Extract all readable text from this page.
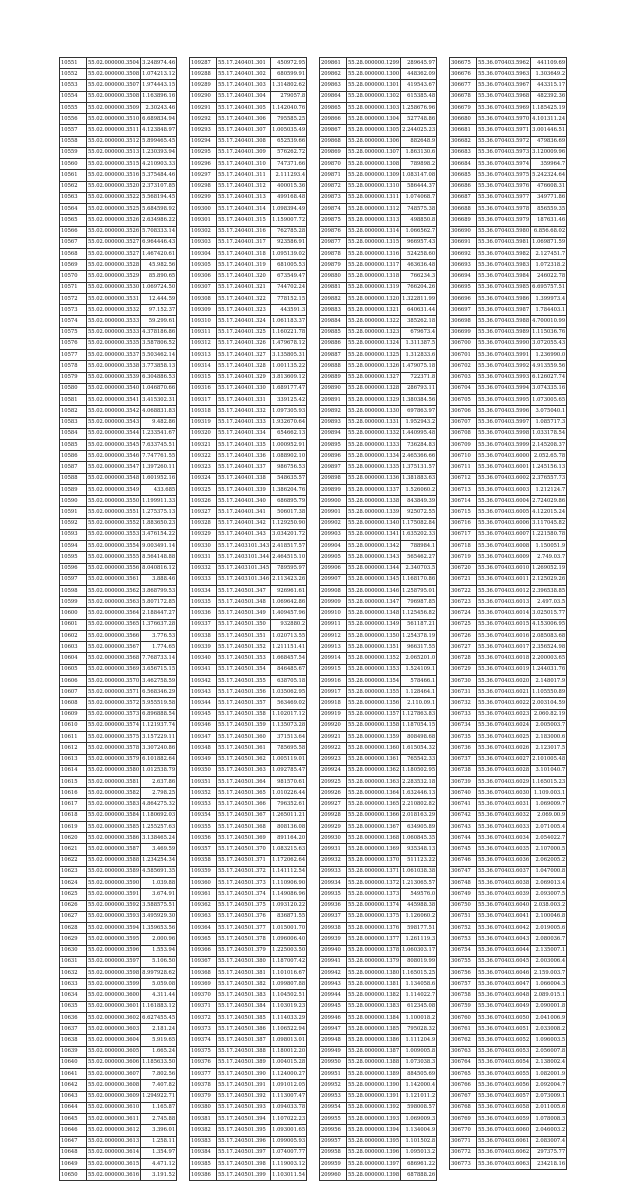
10551	55.02.000000.3504	3.248974.46
10552	55.02.000000.3508	1.074213.12
10553	55.02.000000.3507	1.974443.15
10554	55.02.000000.3508	1.163896.16
10555	55.02.000000.3509	2.30243.46
10556	55.02.000000.3510	6.689834.94
10557	55.02.000000.3511	4.123848.97
10558	55.02.000000.3512	5.899465.45
10559	55.02.000000.3513	1.230393.94
10560	55.02.000000.3515	4.210903.33
10561	55.02.000000.3516	5.375484.46
10562	55.02.000000.3520	2.373107.85
10563	55.02.000000.3522	5.568194.45
10564	55.02.000000.3525	5.684598.92
10565	55.02.000000.3526	2.634986.22
10566	55.02.000000.3526	5.708333.14
10567	55.02.000000.3527	6.964446.43
10568	55.02.000000.3527	1.467420.61
10569	55.02.000000.3528	45.982.56
10570	55.02.000000.3529	85.890.65
10571	55.02.000000.3530	1.069724.50
10572	55.02.000000.3531	12.444.59
10573	55.02.000000.3532	97.152.37
10574	55.02.000000.3533	59.299.61
10575	55.02.000000.3533	4.378186.86
10576	55.02.000000.3535	3.587806.52
10577	55.02.000000.3537	5.503462.14
10578	55.02.000000.3538	3.773858.13
10579	55.02.000000.3539	6.304886.53
10580	55.02.000000.3540	1.046870.66
10581	55.02.000000.3541	3.415302.31
10582	55.02.000000.3542	4.068831.83
10583	55.02.000000.3543	9.482.86
10584	55.02.000000.3544	1.233541.67
10585	55.02.000000.3545	7.633745.51
10586	55.02.000000.3546	7.747761.55
10587	55.02.000000.3547	1.397260.11
10588	55.02.000000.3548	1.601952.16
10589	55.02.000000.3549	433.685
10590	55.02.000000.3550	1.199911.33
10591	55.02.000000.3551	1.275375.13
10592	55.02.000000.3552	1.883650.23
10593	55.02.000000.3553	3.476154.22
10594	55.02.000000.3554	9.003491.14
10595	55.02.000000.3555	8.564148.88
10596	55.02.000000.3556	8.040816.12
10597	55.02.000000.3561	3.888.46
10598	55.02.000000.3562	3.868799.53
10599	55.02.000000.3563	5.807172.85
10600	55.02.000000.3564	2.188447.27
10601	55.02.000000.3565	1.376637.28
10602	55.02.000000.3566	3.776.53
10603	55.02.000000.3567	1.774.65
10604	55.02.000000.3568	7.768733.14
10605	55.02.000000.3569	3.656715.15
10606	55.02.000000.3570	3.462758.59
10607	55.02.000000.3571	6.568346.29
10608	55.02.000000.3572	5.955519.58
10609	55.02.000000.3573	6.896888.54
10610	55.02.000000.3574	1.121937.74
10611	55.02.000000.3575	3.157229.11
10612	55.02.000000.3578	3.307240.86
10613	55.02.000000.3579	6.101882.64
10614	55.02.000000.3580	1.012538.79
10615	55.02.000000.3581	2.637.86
10616	55.02.000000.3582	2.798.25
10617	55.02.000000.3583	4.864275.32
10618	55.02.000000.3584	1.180692.03
10619	55.02.000000.3585	1.255257.63
10620	55.02.000000.3586	3.138465.24
10621	55.02.000000.3587	3.469.59
10622	55.02.000000.3588	1.234254.34
10623	55.02.000000.3589	4.585691.35
10624	55.02.000000.3590	1.039.88
10625	55.02.000000.3591	3.674.91
10626	55.02.000000.3592	3.588575.51
10627	55.02.000000.3593	3.495929.30
10628	55.02.000000.3594	1.359653.56
10629	55.02.000000.3595	2.000.96
10630	55.02.000000.3596	1.553.94
10631	55.02.000000.3597	5.106.50
10632	55.02.000000.3598	8.997928.62
10633	55.02.000000.3599	5.059.08
10634	55.02.000000.3600	4.311.44
10635	55.02.000000.3601	1.161883.12
10636	55.02.000000.3602	6.627455.45
10637	55.02.000000.3603	2.181.24
10638	55.02.000000.3604	5.919.65
10639	55.02.000000.3605	1.665.24
10640	55.02.000000.3606	1.185633.50
10641	55.02.000000.3607	7.802.56
10642	55.02.000000.3608	7.407.82
10643	55.02.000000.3609	1.294922.71
10644	55.02.000000.3610	1.165.87
10645	55.02.000000.3611	2.745.88
10646	55.02.000000.3612	3.396.01
10647	55.02.000000.3613	1.258.11
10648	55.02.000000.3614	1.354.97
10649	55.02.000000.3615	4.471.12
10650	55.02.000000.3616	3.191.52
109287	55.17.240401.301	450972.95
109288	55.17.240401.302	680599.91
109289	55.17.240401.303	1.314802.62
109290	55.17.240401.304	279057.8
109291	55.17.240401.305	1.142040.76
109292	55.17.240401.306	795585.25
109293	55.17.240401.307	1.005035.49
109294	55.17.240401.308	652539.66
109295	55.17.240401.309	576262.72
109296	55.17.240401.310	747371.66
109297	55.17.240401.311	2.111293.4
109298	55.17.240401.312	400015.36
109299	55.17.240401.313	499168.48
109300	55.17.240401.314	1.098394.49
109301	55.17.240401.315	1.159007.72
109302	55.17.240401.316	762785.28
109303	55.17.240401.317	923586.91
109304	55.17.240401.318	1.095139.02
109305	55.17.240401.319	681005.53
109306	55.17.240401.320	673549.47
109307	55.17.240401.321	744702.24
109308	55.17.240401.322	778152.15
109309	55.17.240401.323	443591.3
109310	55.17.240401.324	1.061183.37
109311	55.17.240401.325	1.160221.78
109312	55.17.240401.326	1.479678.12
109313	55.17.240401.327	3.135805.31
109314	55.17.240401.328	1.001135.22
109315	55.17.240401.329	3.813609.12
109316	55.17.240401.330	1.689177.47
109317	55.17.240401.331	339125.42
109318	55.17.240401.332	1.097305.93
109319	55.17.240401.333	1.932670.64
109320	55.17.240401.334	654662.13
109321	55.17.240401.335	1.000952.91
109322	55.17.240401.336	1.088902.10
109323	55.17.240401.337	986756.53
109324	55.17.240401.338	548635.57
109325	55.17.240401.339	1.386204.76
109326	55.17.240401.340	686895.79
109327	55.17.240401.341	506017.38
109328	55.17.240401.342	1.129250.90
109329	55.17.240401.343	3.034201.72
109330	55.17.2403101.343	2.418517.57
109331	55.17.2403101.344	2.464515.10
109332	55.17.2403101.345	789595.97
109333	55.17.2403101.346	2.113423.26
109334	55.17.240501.347	926961.61
109335	55.17.240501.348	1.069642.86
109336	55.17.240501.349	1.409457.96
109337	55.17.240501.350	932880.2
109338	55.17.240501.351	1.020713.55
109339	55.17.240501.352	1.211151.41
109340	55.17.240501.353	1.668457.54
109341	55.17.240501.354	846485.67
109342	55.17.240501.355	638705.18
109343	55.17.240501.356	1.035062.95
109344	55.17.240501.357	563469.02
109345	55.17.240501.358	1.102017.12
109346	55.17.240501.359	1.135073.28
109347	55.17.240501.360	371513.64
109348	55.17.240501.361	785695.58
109349	55.17.240501.362	1.005119.01
109350	55.17.240501.363	1.092785.47
109351	55.17.240501.364	981570.61
109352	55.17.240501.365	1.010226.44
109353	55.17.240501.366	796352.61
109354	55.17.240501.367	1.265011.21
109355	55.17.240501.368	808136.08
109356	55.17.240501.369	891164.20
109357	55.17.240501.370	1.083215.63
109358	55.17.240501.371	1.172062.64
109359	55.17.240501.372	1.141112.54
109360	55.17.240501.373	1.110906.90
109361	55.17.240501.374	1.149086.96
109362	55.17.240501.375	1.093120.22
109363	55.17.240501.376	836871.55
109364	55.17.240501.377	1.015001.70
109365	55.17.240501.378	1.096006.40
109366	55.17.240501.379	1.225003.50
109367	55.17.240501.380	1.187007.42
109368	55.17.240501.381	1.101016.67
109369	55.17.240501.382	1.099807.88
109370	55.17.240501.383	1.104502.51
109371	55.17.240501.384	1.103019.23
109372	55.17.240501.385	1.114033.29
109373	55.17.240501.386	1.106522.94
109374	55.17.240501.387	1.098013.01
109375	55.17.240501.388	1.180012.20
109376	55.17.240501.389	1.004015.28
109377	55.17.240501.390	1.124000.27
109378	55.17.240501.391	1.091012.05
109379	55.17.240501.392	1.113007.47
109380	55.17.240501.393	1.094033.78
109381	55.17.240501.394	1.107022.23
109382	55.17.240501.395	1.093001.65
109383	55.17.240501.396	1.099005.93
109384	55.17.240501.397	1.074007.77
109385	55.17.240501.398	1.119003.12
109386	55.17.240501.399	1.103011.54
209861	55.28.000000.1299	289645.97
209862	55.28.000000.1300	448362.09
209863	55.28.000000.1301	419543.67
209864	55.28.000000.1302	615385.48
209865	55.28.000000.1303	1.258676.96
209866	55.28.000000.1304	527748.86
209867	55.28.000000.1305	2.244025.23
209868	55.28.000000.1306	882648.9
209869	55.28.000000.1307	1.863130.6
209870	55.28.000000.1308	789898.2
209871	55.28.000000.1309	1.083147.08
209872	55.28.000000.1310	586444.37
209873	55.28.000000.1311	1.074068.7
209874	55.28.000000.1312	748575.38
209875	55.28.000000.1313	498850.8
209876	55.28.000000.1314	1.066562.7
209877	55.28.000000.1315	966957.43
209878	55.28.000000.1316	524258.60
209879	55.28.000000.1317	463636.48
209880	55.28.000000.1318	766234.3
209881	55.28.000000.1319	766204.26
209882	55.28.000000.1320	1.322811.99
209883	55.28.000000.1321	640631.44
209884	55.28.000000.1322	385262.18
209885	55.28.000000.1323	679673.4
209886	55.28.000000.1324	1.311387.5
209887	55.28.000000.1325	1.312833.6
209888	55.28.000000.1326	1.479075.18
209889	55.28.000000.1327	722371.8
209890	55.28.000000.1328	286793.11
209891	55.28.000000.1329	1.380384.56
209892	55.28.000000.1330	697863.97
209893	55.28.000000.1331	1.952943.2
209894	55.28.000000.1332	1.440995.48
209895	55.28.000000.1333	736284.83
209896	55.28.000000.1334	2.465366.66
209897	55.28.000000.1335	1.375131.57
209898	55.28.000000.1336	1.381883.63
209899	55.28.000000.1337	1.526060.2
209900	55.28.000000.1338	843849.39
209901	55.28.000000.1339	925072.55
209902	55.28.000000.1340	1.175082.84
209903	55.28.000000.1341	1.635202.33
209904	55.28.000000.1342	788984.1
209905	55.28.000000.1343	565462.27
209906	55.28.000000.1344	2.340703.5
209907	55.28.000000.1345	1.168170.86
209908	55.28.000000.1346	1.258795.01
209909	55.28.000000.1347	796987.85
209910	55.28.000000.1348	1.125456.82
209911	55.28.000000.1349	561187.21
209912	55.28.000000.1350	1.254378.19
209913	55.28.000000.1351	966317.55
209914	55.28.000000.1352	2.065201.0
209915	55.28.000000.1353	1.524109.1
209916	55.28.000000.1354	578466.1
209917	55.28.000000.1355	1.128464.1
209918	55.28.000000.1356	2.110.09.1
209919	55.28.000000.1357	1.127863.83
209920	55.28.000000.1358	1.187054.15
209921	55.28.000000.1359	808498.68
209922	55.28.000000.1360	1.615054.32
209923	55.28.000000.1361	765542.33
209924	55.28.000000.1362	1.180502.95
209925	55.28.000000.1363	2.283532.18
209926	55.28.000000.1364	1.632446.13
209927	55.28.000000.1365	2.210802.82
209928	55.28.000000.1366	2.018163.29
209929	55.28.000000.1367	634905.89
209930	55.28.000000.1368	1.060845.35
209931	55.28.000000.1369	935348.13
209932	55.28.000000.1370	511123.22
209933	55.28.000000.1371	1.061038.38
209934	55.28.000000.1372	1.213065.57
209935	55.28.000000.1373	549576.0
209936	55.28.000000.1374	445988.38
209937	55.28.000000.1375	1.126060.2
209938	55.28.000000.1376	598177.51
209939	55.28.000000.1377	1.261119.3
209940	55.28.000000.1378	1.060303.17
209941	55.28.000000.1379	808019.99
209942	55.28.000000.1380	1.165015.25
209943	55.28.000000.1381	1.134058.6
209944	55.28.000000.1382	1.114022.7
209945	55.28.000000.1383	612345.08
209946	55.28.000000.1384	1.100018.2
209947	55.28.000000.1385	795028.32
209948	55.28.000000.1386	1.111204.9
209949	55.28.000000.1387	1.009005.8
209950	55.28.000000.1388	1.073038.3
209951	55.28.000000.1389	884505.69
209952	55.28.000000.1390	1.142000.4
209953	55.28.000000.1391	1.121011.2
209954	55.28.000000.1392	598008.57
209955	55.28.000000.1393	1.069009.3
209956	55.28.000000.1394	1.134004.9
209957	55.28.000000.1395	1.101502.8
209958	55.28.000000.1396	1.095013.2
209959	55.28.000000.1397	686961.22
209960	55.28.000000.1398	687888.26
306675	55.36.070403.5962	441109.69
306676	55.36.070403.5963	1.303649.2
306677	55.36.070403.5967	443315.17
306678	55.36.070403.5968	482392.36
306679	55.36.070403.5969	1.185425.19
306680	55.36.070403.5970	4.101311.24
306681	55.36.070403.5971	3.001446.51
306682	55.36.070403.5972	479836.69
306683	55.36.070403.5973	3.120009.96
306684	55.36.070403.5974	359964.7
306685	55.36.070403.5975	5.242324.64
306686	55.36.070403.5976	476608.31
306687	55.36.070403.5977	349771.86
306688	55.36.070403.5978	856559.35
306689	55.36.070403.5979	187631.46
306690	55.36.070403.5980	6.856.68.02
306691	55.36.070403.5981	1.069871.59
306692	55.36.070403.5982	2.127451.7
306693	55.36.070403.5983	1.072318.2
306694	55.36.070403.5984	246022.78
306695	55.36.070403.5985	6.695757.51
306696	55.36.070403.5986	1.399973.4
306697	55.36.070403.5987	1.784403.1
306698	55.36.070403.5988	4.700010.99
306699	55.36.070403.5989	1.115036.76
306700	55.36.070403.5990	3.072055.43
306701	55.36.070403.5991	1.236990.0
306702	55.36.070403.5992	4.913559.56
306703	55.36.070403.5993	6.126027.74
306704	55.36.070403.5994	3.074335.16
306705	55.36.070403.5995	1.073005.65
306706	55.36.070403.5996	3.075040.1
306707	55.36.070403.5997	1.085717.3
306708	55.36.070403.5998	1.033178.54
306709	55.36.070403.5999	2.145208.37
306710	55.36.070403.6000	2.052.65.78
306711	55.36.070403.6001	1.245156.13
306712	55.36.070403.6002	2.376557.73
306713	55.36.070403.6003	1.212124.7
306714	55.36.070403.6004	2.724029.86
306715	55.36.070403.6005	4.122015.24
306716	55.36.070403.6006	3.117045.82
306717	55.36.070403.6007	1.221580.78
306718	55.36.070403.6008	1.150051.9
306719	55.36.070403.6009	2.749.03.7
306720	55.36.070403.6010	1.269052.19
306721	55.36.070403.6011	2.125029.26
306722	55.36.070403.6012	2.396538.85
306723	55.36.070403.6013	2.497.03.5
306724	55.36.070403.6014	3.025015.77
306725	55.36.070403.6015	4.153006.95
306726	55.36.070403.6016	2.085083.68
306727	55.36.070403.6017	2.356524.98
306728	55.36.070403.6018	2.200003.65
306729	55.36.070403.6019	1.244031.76
306730	55.36.070403.6020	2.148017.9
306731	55.36.070403.6021	1.105550.89
306732	55.36.070403.6022	2.003104.59
306733	55.36.070403.6023	2.060.82.19
306734	55.36.070403.6024	2.005003.7
306735	55.36.070403.6025	2.183000.6
306736	55.36.070403.6026	2.123017.5
306737	55.36.070403.6027	2.101005.48
306738	55.36.070403.6028	3.101040.7
306739	55.36.070403.6029	1.165015.23
306740	55.36.070403.6030	1.109.003.1
306741	55.36.070403.6031	1.069009.7
306742	55.36.070403.6032	2.069.00.9
306743	55.36.070403.6033	2.071005.4
306744	55.36.070403.6034	2.054022.7
306745	55.36.070403.6035	2.107000.5
306746	55.36.070403.6036	2.062005.2
306747	55.36.070403.6037	1.047000.8
306748	55.36.070403.6038	2.069013.4
306749	55.36.070403.6039	2.093007.5
306750	55.36.070403.6040	2.038.003.2
306751	55.36.070403.6041	2.100046.8
306752	55.36.070403.6042	2.019005.6
306753	55.36.070403.6043	2.080036.7
306754	55.36.070403.6044	2.135007.1
306755	55.36.070403.6045	2.003006.4
306756	55.36.070403.6046	2.159.003.7
306757	55.36.070403.6047	1.066004.3
306758	55.36.070403.6048	2.089.015.1
306759	55.36.070403.6049	2.090001.8
306760	55.36.070403.6050	2.041006.9
306761	55.36.070403.6051	2.033008.2
306762	55.36.070403.6052	1.096003.5
306763	55.36.070403.6053	2.056007.8
306764	55.36.070403.6054	2.138002.4
306765	55.36.070403.6055	1.082001.9
306766	55.36.070403.6056	2.092004.7
306767	55.36.070403.6057	2.073009.1
306768	55.36.070403.6058	2.011005.6
306769	55.36.070403.6059	1.078008.3
306770	55.36.070403.6060	2.046003.2
306771	55.36.070403.6061	2.083007.4
306772	55.36.070403.6062	297375.77
306773	55.36.070403.6063	234218.16
